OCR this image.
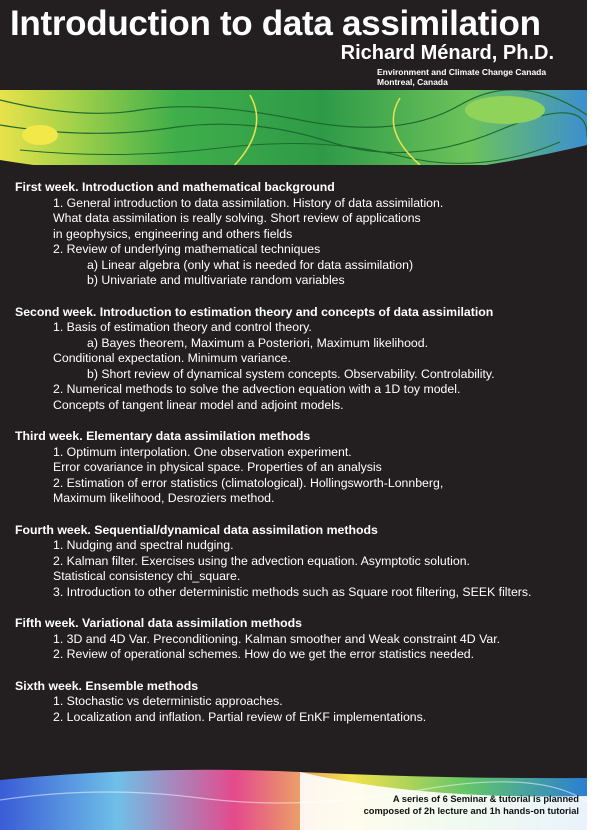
Introduction to data assimilation
Richard Ménard, Ph.D.
Environment and Climate Change Canada
Montreal, Canada
First week. Introduction and mathematical background
1. General introduction to data assimilation. History of data assimilation.
What data assimilation is really solving. Short review of applications
in geophysics, engineering and others fields
2. Review of underlying mathematical techniques
a) Linear algebra (only what is needed for data assimilation)
b) Univariate and multivariate random variables
Second week. Introduction to estimation theory and concepts of data assimilation
1. Basis of estimation theory and control theory.
a) Bayes theorem, Maximum a Posteriori, Maximum likelihood.
Conditional expectation. Minimum variance.
b) Short review of dynamical system concepts. Observability. Controlability.
2. Numerical methods to solve the advection equation with a 1D toy model.
Concepts of tangent linear model and adjoint models.
Third week. Elementary data assimilation methods
1. Optimum interpolation. One observation experiment.
Error covariance in physical space. Properties of an analysis
2. Estimation of error statistics (climatological). Hollingsworth-Lonnberg,
Maximum likelihood, Desroziers method.
Fourth week. Sequential/dynamical data assimilation methods
1. Nudging and spectral nudging.
2. Kalman filter. Exercises using the advection equation. Asymptotic solution.
Statistical consistency chi_square.
3. Introduction to other deterministic methods such as Square root filtering, SEEK filters.
Fifth week. Variational data assimilation methods
1. 3D and 4D Var. Preconditioning. Kalman smoother and Weak constraint 4D Var.
2. Review of operational schemes. How do we get the error statistics needed.
Sixth week. Ensemble methods
1. Stochastic vs deterministic approaches.
2. Localization and inflation. Partial review of EnKF implementations.
A series of 6 Seminar & tutorial is planned
composed of 2h lecture and 1h hands-on tutorial
